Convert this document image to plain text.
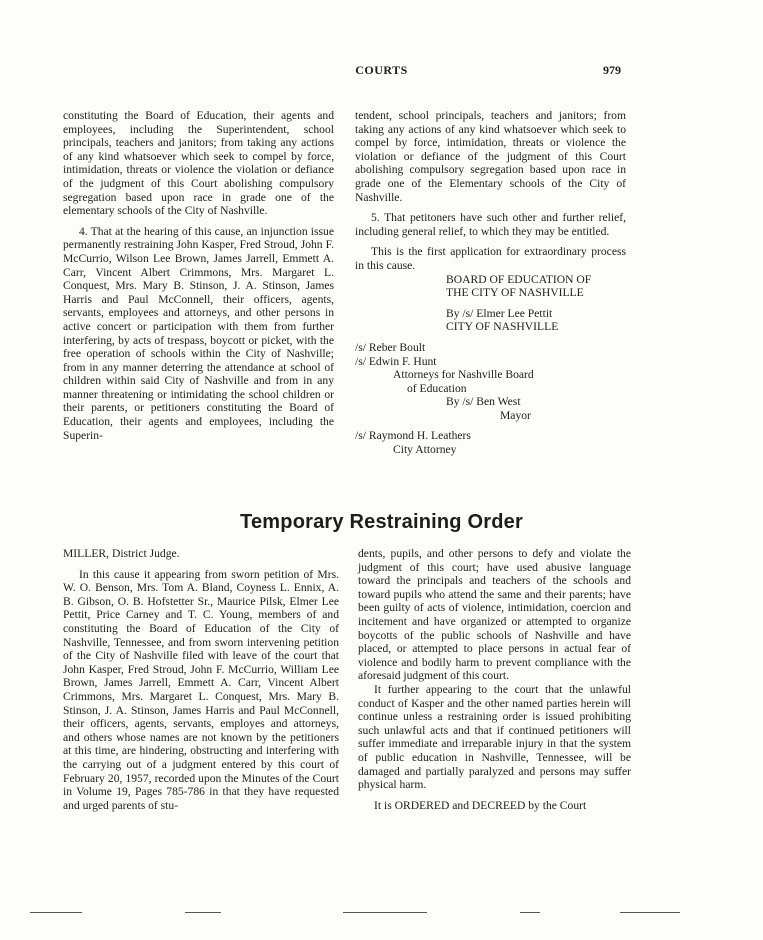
COURTS	979

constituting the Board of Education, their agents and employees, including the Superintendent, school principals, teachers and janitors; from taking any actions of any kind whatsoever which seek to compel by force, intimidation, threats or violence the violation or defiance of the judgment of this Court abolishing compulsory segregation based upon race in grade one of the elementary schools of the City of Nashville.

4. That at the hearing of this cause, an injunction issue permanently restraining John Kasper, Fred Stroud, John F. McCurrio, Wilson Lee Brown, James Jarrell, Emmett A. Carr, Vincent Albert Crimmons, Mrs. Margaret L. Conquest, Mrs. Mary B. Stinson, J. A. Stinson, James Harris and Paul McConnell, their officers, agents, servants, employees and attorneys, and other persons in active concert or participation with them from further interfering, by acts of trespass, boycott or picket, with the free operation of schools within the City of Nashville; from in any manner deterring the attendance at school of children within said City of Nashville and from in any manner threatening or intimidating the school children or their parents, or petitioners constituting the Board of Education, their agents and employees, including the Superin-

tendent, school principals, teachers and janitors; from taking any actions of any kind whatsoever which seek to compel by force, intimidation, threats or violence the violation or defiance of the judgment of this Court abolishing compulsory segregation based upon race in grade one of the Elementary schools of the City of Nashville.

5. That petitoners have such other and further relief, including general relief, to which they may be entitled.

This is the first application for extraordinary process in this cause.

BOARD OF EDUCATION OF
THE CITY OF NASHVILLE
By /s/ Elmer Lee Pettit
CITY OF NASHVILLE
/s/ Reber Boult
/s/ Edwin F. Hunt
Attorneys for Nashville Board
of Education
By /s/ Ben West
Mayor
/s/ Raymond H. Leathers
City Attorney
Temporary Restraining Order

MILLER, District Judge.

In this cause it appearing from sworn petition of Mrs. W. O. Benson, Mrs. Tom A. Bland, Coyness L. Ennix, A. B. Gibson, O. B. Hofstetter Sr., Maurice Pilsk, Elmer Lee Pettit, Price Carney and T. C. Young, members of and constituting the Board of Education of the City of Nashville, Tennessee, and from sworn intervening petition of the City of Nashville filed with leave of the court that John Kasper, Fred Stroud, John F. McCurrio, William Lee Brown, James Jarrell, Emmett A. Carr, Vincent Albert Crimmons, Mrs. Margaret L. Conquest, Mrs. Mary B. Stinson, J. A. Stinson, James Harris and Paul McConnell, their officers, agents, servants, employes and attorneys, and others whose names are not known by the petitioners at this time, are hindering, obstructing and interfering with the carrying out of a judgment entered by this court of February 20, 1957, recorded upon the Minutes of the Court in Volume 19, Pages 785-786 in that they have requested and urged parents of stu-

dents, pupils, and other persons to defy and violate the judgment of this court; have used abusive language toward the principals and teachers of the schools and toward pupils who attend the same and their parents; have been guilty of acts of violence, intimidation, coercion and incitement and have organized or attempted to organize boycotts of the public schools of Nashville and have placed, or attempted to place persons in actual fear of violence and bodily harm to prevent compliance with the aforesaid judgment of this court.

It further appearing to the court that the unlawful conduct of Kasper and the other named parties herein will continue unless a restraining order is issued prohibiting such unlawful acts and that if continued petitioners will suffer immediate and irreparable injury in that the system of public education in Nashville, Tennessee, will be damaged and partially paralyzed and persons may suffer physical harm.

It is ORDERED and DECREED by the Court
